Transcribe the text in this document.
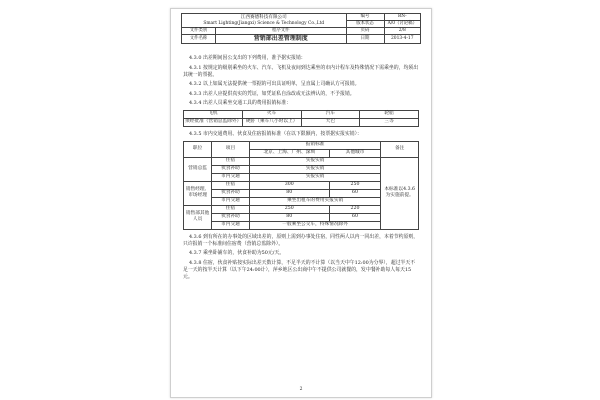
江西赛德科技有限公司
Smart Lighting(Jiangxi) Science & Technology Co.,Ltd		编号	RN-
		版本状态	A/0（讨论稿）
文件类别	程序文件	页码	2/8
文件名称	营销部出差管理制度	日期	2013-4-17

4.3.0 出差期间因公支出的下列费用，准予据实报销：

4.3.1 按规定的级别乘坐的火车、汽车、飞机及夜间到达乘坐的市内计程车及特殊情况下需乘坐的，均须出其统一的票据。

4.3.2 以上如属无法提供统一票据的可出具证明单，呈直属上司确认方可报销。

4.3.3 出差人应提供真实的凭证，如凭证私自涂改或无法辨认的，不予报销。

4.3.4 出差人员乘坐交通工具的费用报销标准：

飞机	火车	汽车	轮船
须经批准（营销总监除外）	硬卧（乘车八小时以上）	大巴	三等

4.3.5 市内交通费用、伙食及住宿报销标准（在以下限额内，按票据实报实销）：

职位	项目	报销标准		备注
		北京、上海、广州、深圳	其他城市	
营销总监	住宿	实报实销		本标准以4.3.6为实施前提。
	伙食补助	实报实销		
	市内交通	实报实销		
销售经理、市场经理	住宿	300	250	
	伙食补助	80	60	
	市内交通	乘坐出租车的费用实报实销		
销售部其他人员	住宿	250	220	
	伙食补助	80	60	
	市内交通	一般乘坐公交车，特殊情况除外		

4.3.6 到有所在的办事处的区域出差的，原则上需到办事处住宿，同性两人以内一同出差，本着节约原则，只许报销一个标准间住宿费（营销总监除外）。

4.3.7 乘坐卧铺车的，伙食补助为50元/天。

4.3.8 住宿，伙食补贴按实际出差天数计算，不足半天的不计算（以当天中午12:00为分界），超过半天不足一天的按半天计算（以下午24:00计），萍乡地区公出商中午不提供公司就餐的，发中餐补助每人每天15元。

2
